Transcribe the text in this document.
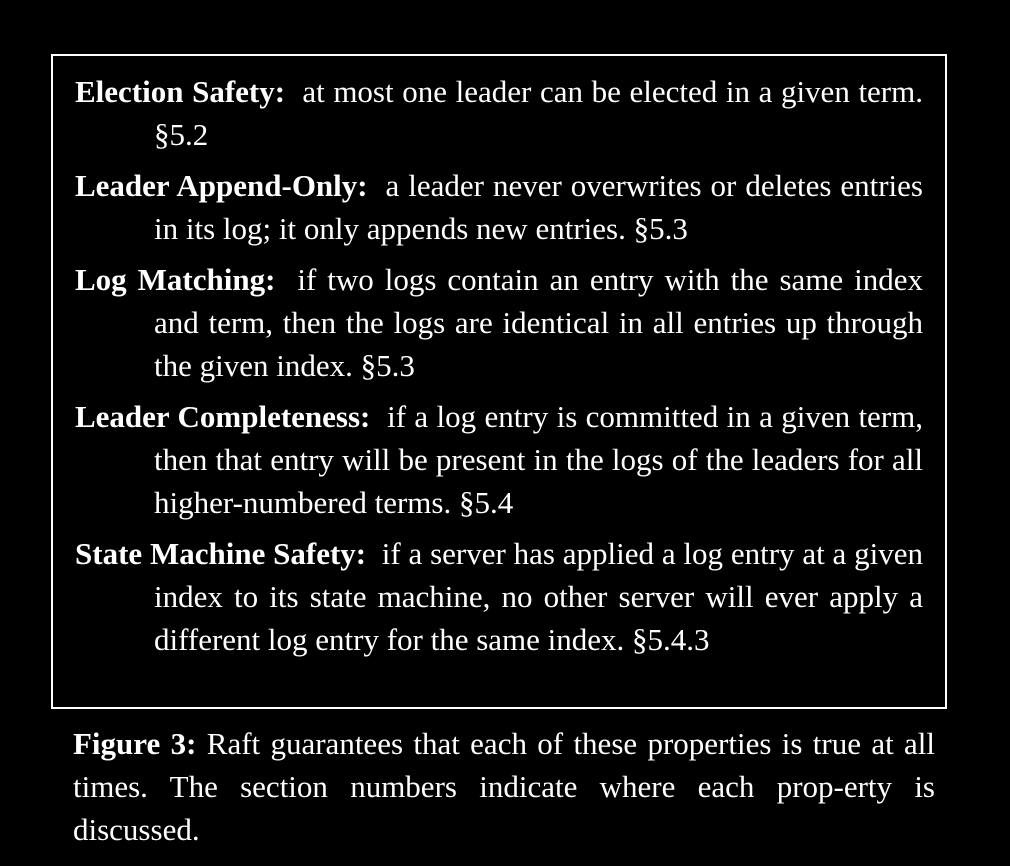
Election Safety: at most one leader can be elected in a given term. §5.2
Leader Append-Only: a leader never overwrites or deletes entries in its log; it only appends new entries. §5.3
Log Matching: if two logs contain an entry with the same index and term, then the logs are identical in all entries up through the given index. §5.3
Leader Completeness: if a log entry is committed in a given term, then that entry will be present in the logs of the leaders for all higher-numbered terms. §5.4
State Machine Safety: if a server has applied a log entry at a given index to its state machine, no other server will ever apply a different log entry for the same index. §5.4.3
Figure 3: Raft guarantees that each of these properties is true at all times. The section numbers indicate where each prop-erty is discussed.
